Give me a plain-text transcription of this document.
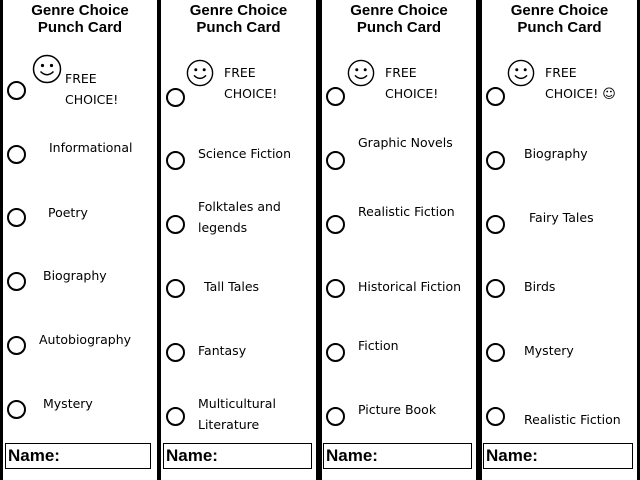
Genre Choice
Punch Card
FREE
CHOICE!
Informational
Poetry
Biography
Autobiography
Mystery
Name:
Genre Choice
Punch Card
FREE
CHOICE!
Science Fiction
Folktales and
legends
Tall Tales
Fantasy
Multicultural
Literature
Name:
Genre Choice
Punch Card
FREE
CHOICE!
Graphic Novels
Realistic Fiction
Historical Fiction
Fiction
Picture Book
Name:
Genre Choice
Punch Card
FREE
CHOICE! ☺
Biography
Fairy Tales
Birds
Mystery
Realistic Fiction
Name:
